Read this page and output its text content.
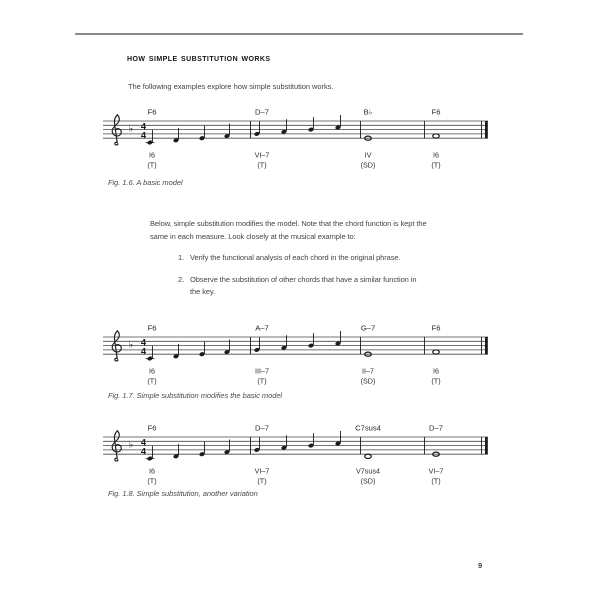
how simple substitution works

The following examples explore how simple substitution works.

♭ 4
4
F6
I6
(T)
D–7
VI–7
(T)
B♭
IV
(SD)
F6
I6
(T)

Fig. 1.6. A basic model

Below, simple substitution modifies the model. Note that the chord function is kept the
same in each measure. Look closely at the musical example to:
1. Verify the functional analysis of each chord in the original phrase.
2. Observe the substitution of other chords that have a similar function in
the key.
♭ 4
4
F6
I6
(T)
A–7
III–7
(T)
G–7
II–7
(SD)
F6
I6
(T)

Fig. 1.7. Simple substitution modifies the basic model

♭ 4
4
F6
I6
(T)
D–7
VI–7
(T)
C7sus4
V7sus4
(SD)
D–7
VI–7
(T)

Fig. 1.8. Simple substitution, another variation

9
